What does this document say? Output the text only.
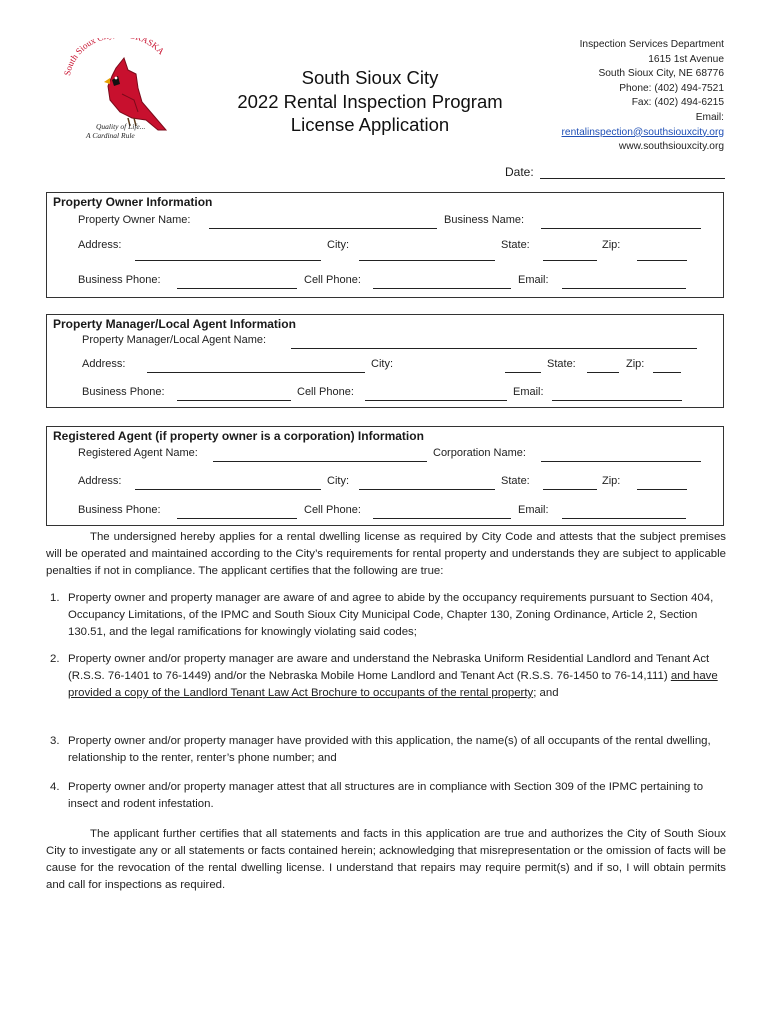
South Sioux ASKA
Quality of Life...
A Cardinal Rule
South Sioux City
2022 Rental Inspection Program
License Application
Inspection Services Department
1615 1st Avenue
South Sioux City, NE 68776
Phone: (402) 494-7521
Fax: (402) 494-6215
Email:
rentalinspection@southsiouxcity.org
www.southsiouxcity.org
Date:
Property Owner Information
Property Owner Name:	Business Name:
Address:	City:	State:	Zip:
Business Phone:	Cell Phone:	Email:
Property Manager/Local Agent Information
Property Manager/Local Agent Name:
Address:	City:	State:	Zip:
Business Phone:	Cell Phone:	Email:
Registered Agent (if property owner is a corporation) Information
Registered Agent Name:	Corporation Name:
Address:	City:	State:	Zip:
Business Phone:	Cell Phone:	Email:
The undersigned hereby applies for a rental dwelling license as required by City Code and attests that the subject premises will be operated and maintained according to the City’s requirements for rental property and understands they are subject to applicable penalties if not in compliance. The applicant certifies that the following are true:
1. Property owner and property manager are aware of and agree to abide by the occupancy requirements pursuant to Section 404, Occupancy Limitations, of the IPMC and South Sioux City Municipal Code, Chapter 130, Zoning Ordinance, Article 2, Section 130.51, and the legal ramifications for knowingly violating said codes;
2. Property owner and/or property manager are aware and understand the Nebraska Uniform Residential Landlord and Tenant Act (R.S.S. 76-1401 to 76-1449) and/or the Nebraska Mobile Home Landlord and Tenant Act (R.S.S. 76-1450 to 76-14,111) and have provided a copy of the Landlord Tenant Law Act Brochure to occupants of the rental property; and
3. Property owner and/or property manager have provided with this application, the name(s) of all occupants of the rental dwelling, relationship to the renter, renter’s phone number; and
4. Property owner and/or property manager attest that all structures are in compliance with Section 309 of the IPMC pertaining to insect and rodent infestation.
The applicant further certifies that all statements and facts in this application are true and authorizes the City of South Sioux City to investigate any or all statements or facts contained herein; acknowledging that misrepresentation or the omission of facts will be cause for the revocation of the rental dwelling license. I understand that repairs may require permit(s) and if so, I will obtain permits and call for inspections as required.
